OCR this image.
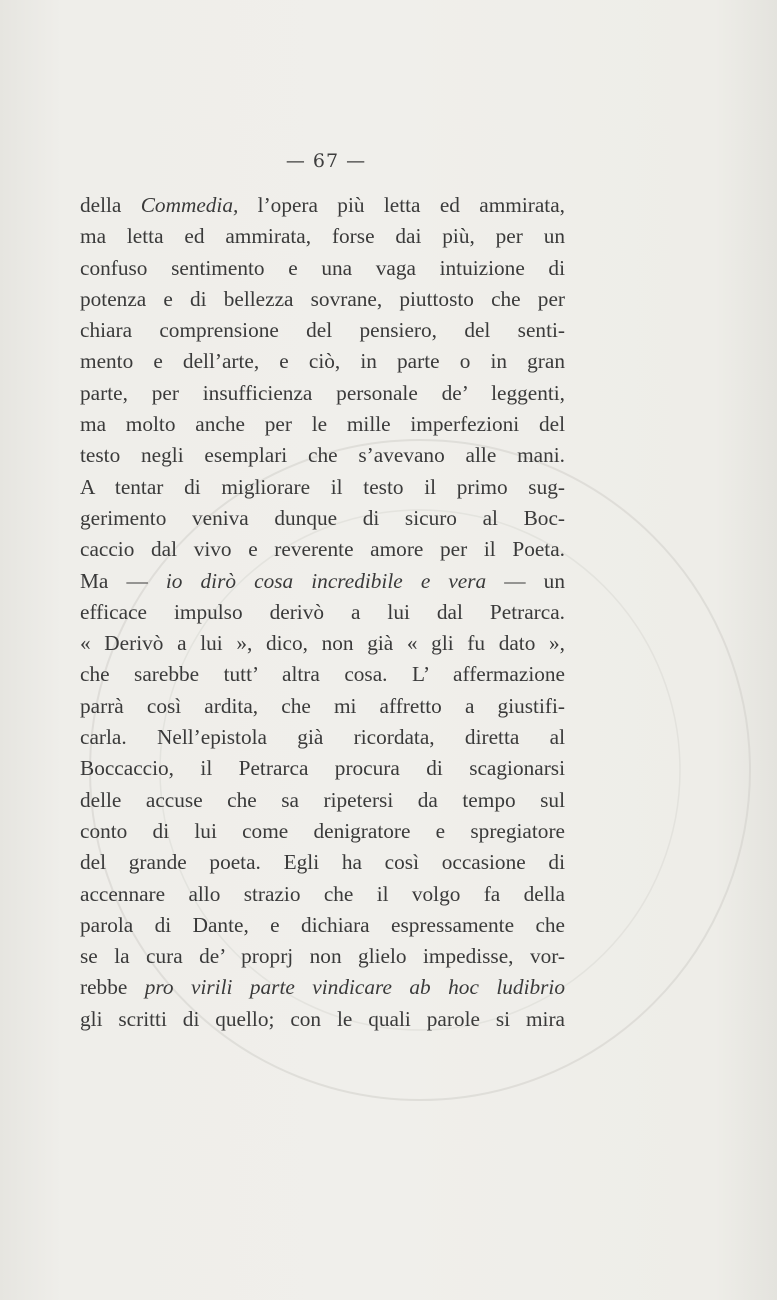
— 67 —
della Commedia, l’opera più letta ed ammirata,
ma letta ed ammirata, forse dai più, per un
confuso sentimento e una vaga intuizione di
potenza e di bellezza sovrane, piuttosto che per
chiara comprensione del pensiero, del senti-
mento e dell’arte, e ciò, in parte o in gran
parte, per insufficienza personale de’ leggenti,
ma molto anche per le mille imperfezioni del
testo negli esemplari che s’avevano alle mani.
A tentar di migliorare il testo il primo sug-
gerimento veniva dunque di sicuro al Boc-
caccio dal vivo e reverente amore per il Poeta.
Ma — io dirò cosa incredibile e vera — un
efficace impulso derivò a lui dal Petrarca.
« Derivò a lui », dico, non già « gli fu dato »,
che sarebbe tutt’ altra cosa. L’ affermazione
parrà così ardita, che mi affretto a giustifi-
carla. Nell’epistola già ricordata, diretta al
Boccaccio, il Petrarca procura di scagionarsi
delle accuse che sa ripetersi da tempo sul
conto di lui come denigratore e spregiatore
del grande poeta. Egli ha così occasione di
accennare allo strazio che il volgo fa della
parola di Dante, e dichiara espressamente che
se la cura de’ proprj non glielo impedisse, vor-
rebbe pro virili parte vindicare ab hoc ludibrio
gli scritti di quello; con le quali parole si mira
